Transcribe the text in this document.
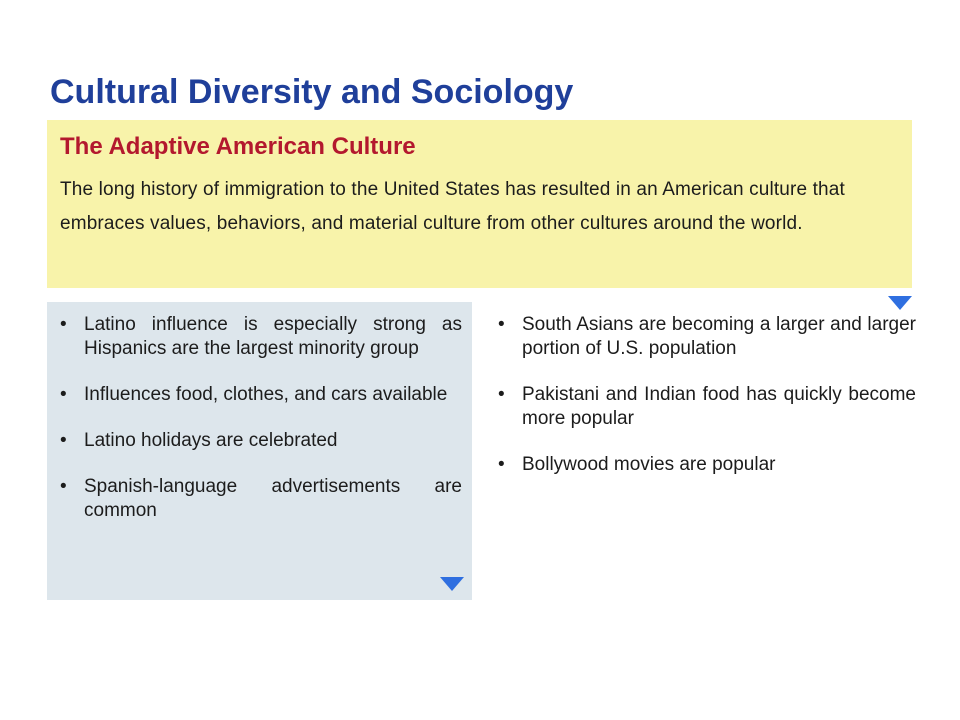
Cultural Diversity and Sociology
The Adaptive American Culture

The long history of immigration to the United States has resulted in an American culture that embraces values, behaviors, and material culture from other cultures around the world.

• Latino influence is especially strong as Hispanics are the largest minority group
• Influences food, clothes, and cars available
• Latino holidays are celebrated
• Spanish-language advertisements are common
• South Asians are becoming a larger and larger portion of U.S. population
• Pakistani and Indian food has quickly become more popular
• Bollywood movies are popular
